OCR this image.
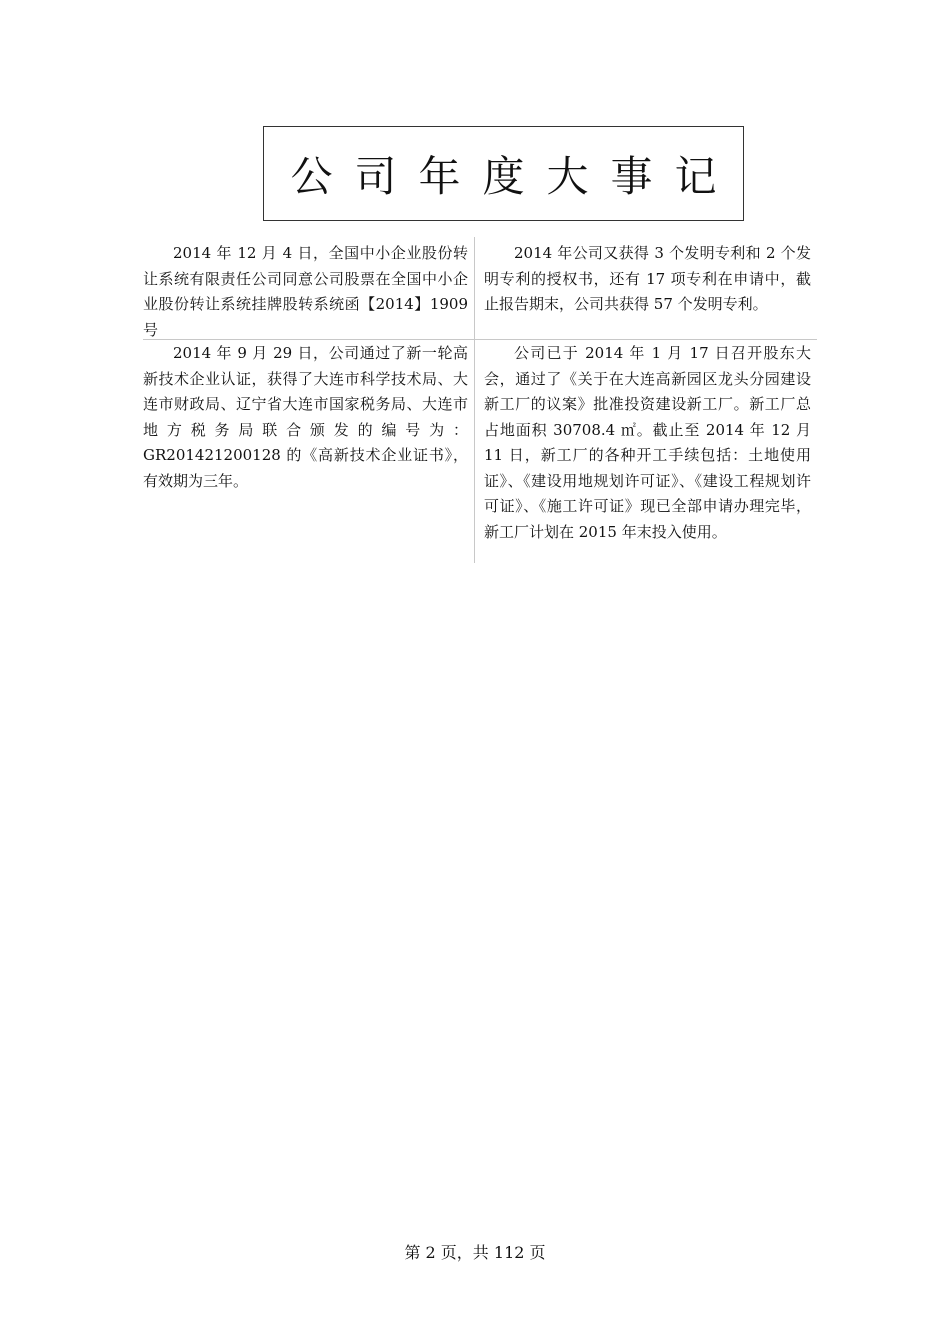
公司年度大事记
2014 年 12 月 4 日，全国中小企业股份转让系统有限责任公司同意公司股票在全国中小企业股份转让系统挂牌股转系统函【2014】1909 号
2014 年公司又获得 3 个发明专利和 2 个发明专利的授权书，还有 17 项专利在申请中，截止报告期末，公司共获得 57 个发明专利。
2014 年 9 月 29 日，公司通过了新一轮高新技术企业认证，获得了大连市科学技术局、大连市财政局、辽宁省大连市国家税务局、大连市地方税务局联合颁发的编号为：GR201421200128 的《高新技术企业证书》，有效期为三年。
公司已于 2014 年 1 月 17 日召开股东大会，通过了《关于在大连高新园区龙头分园建设新工厂的议案》批准投资建设新工厂。新工厂总占地面积 30708.4 ㎡。截止至 2014 年 12 月 11 日，新工厂的各种开工手续包括：土地使用证》、《建设用地规划许可证》、《建设工程规划许可证》、《施工许可证》现已全部申请办理完毕，新工厂计划在 2015 年末投入使用。
第 2 页，共 112 页
